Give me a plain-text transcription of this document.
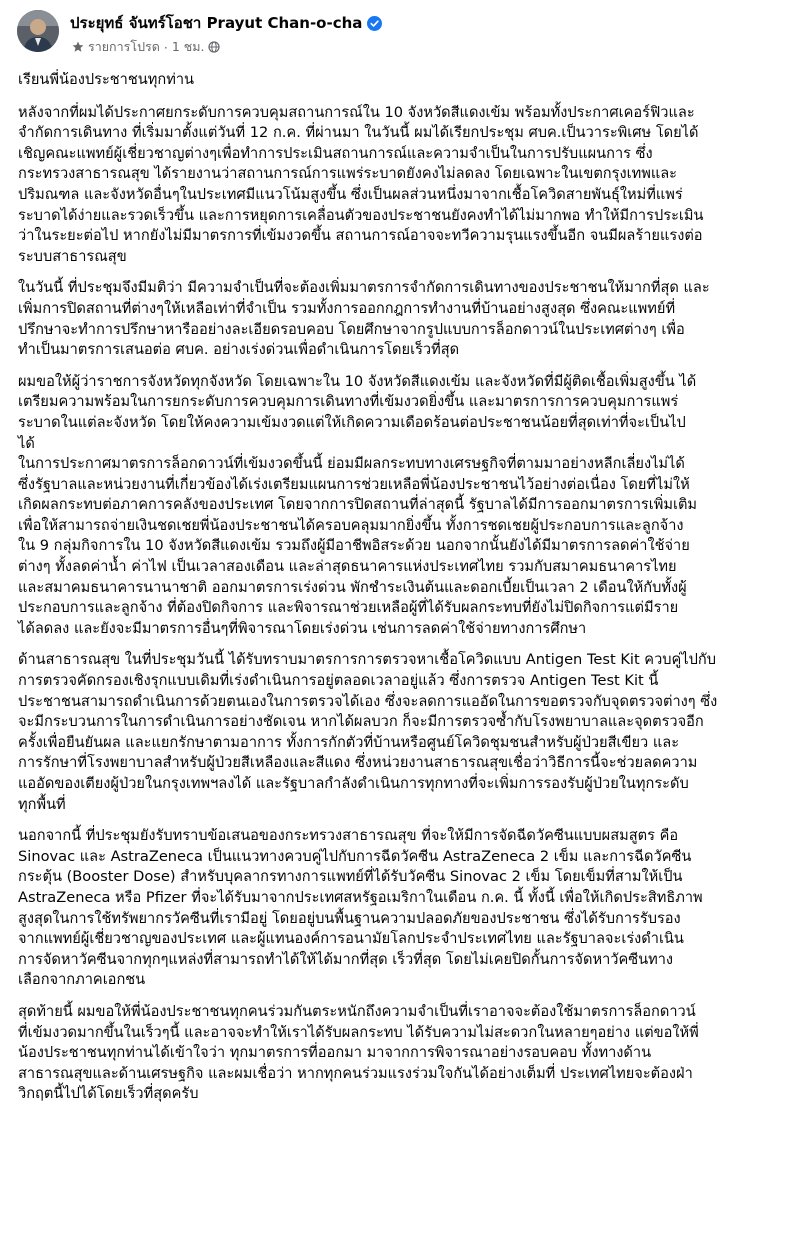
ประยุทธ์ จันทร์โอชา Prayut Chan-o-cha
รายการโปรด · 1 ชม.
เรียนพี่น้องประชาชนทุกท่าน
หลังจากที่ผมได้ประกาศยกระดับการควบคุมสถานการณ์ใน 10 จังหวัดสีแดงเข้ม พร้อมทั้งประกาศเคอร์ฟิวและ
จำกัดการเดินทาง ที่เริ่มมาตั้งแต่วันที่ 12 ก.ค. ที่ผ่านมา ในวันนี้ ผมได้เรียกประชุม ศบค.เป็นวาระพิเศษ โดยได้
เชิญคณะแพทย์ผู้เชี่ยวชาญต่างๆเพื่อทำการประเมินสถานการณ์และความจำเป็นในการปรับแผนการ ซึ่ง
กระทรวงสาธารณสุข ได้รายงานว่าสถานการณ์การแพร่ระบาดยังคงไม่ลดลง โดยเฉพาะในเขตกรุงเทพและ
ปริมณฑล และจังหวัดอื่นๆในประเทศมีแนวโน้มสูงขึ้น ซึ่งเป็นผลส่วนหนึ่งมาจากเชื้อโควิดสายพันธุ์ใหม่ที่แพร่
ระบาดได้ง่ายและรวดเร็วขึ้น และการหยุดการเคลื่อนตัวของประชาชนยังคงทำได้ไม่มากพอ ทำให้มีการประเมิน
ว่าในระยะต่อไป หากยังไม่มีมาตรการที่เข้มงวดขึ้น สถานการณ์อาจจะทวีความรุนแรงขึ้นอีก จนมีผลร้ายแรงต่อ
ระบบสาธารณสุข
ในวันนี้ ที่ประชุมจึงมีมติว่า มีความจำเป็นที่จะต้องเพิ่มมาตรการจำกัดการเดินทางของประชาชนให้มากที่สุด และ
เพิ่มการปิดสถานที่ต่างๆให้เหลือเท่าที่จำเป็น รวมทั้งการออกกฎการทำงานที่บ้านอย่างสูงสุด ซึ่งคณะแพทย์ที่
ปรึกษาจะทำการปรึกษาหารืออย่างละเอียดรอบคอบ โดยศึกษาจากรูปแบบการล็อกดาวน์ในประเทศต่างๆ เพื่อ
ทำเป็นมาตรการเสนอต่อ ศบค. อย่างเร่งด่วนเพื่อดำเนินการโดยเร็วที่สุด
ผมขอให้ผู้ว่าราชการจังหวัดทุกจังหวัด โดยเฉพาะใน 10 จังหวัดสีแดงเข้ม และจังหวัดที่มีผู้ติดเชื้อเพิ่มสูงขึ้น ได้
เตรียมความพร้อมในการยกระดับการควบคุมการเดินทางที่เข้มงวดยิ่งขึ้น และมาตรการการควบคุมการแพร่
ระบาดในแต่ละจังหวัด โดยให้คงความเข้มงวดแต่ให้เกิดความเดือดร้อนต่อประชาชนน้อยที่สุดเท่าที่จะเป็นไป
ได้
ในการประกาศมาตรการล็อกดาวน์ที่เข้มงวดขึ้นนี้ ย่อมมีผลกระทบทางเศรษฐกิจที่ตามมาอย่างหลีกเลี่ยงไม่ได้
ซึ่งรัฐบาลและหน่วยงานที่เกี่ยวข้องได้เร่งเตรียมแผนการช่วยเหลือพี่น้องประชาชนไว้อย่างต่อเนื่อง โดยที่ไม่ให้
เกิดผลกระทบต่อภาคการคลังของประเทศ โดยจากการปิดสถานที่ล่าสุดนี้ รัฐบาลได้มีการออกมาตรการเพิ่มเติม
เพื่อให้สามารถจ่ายเงินชดเชยพี่น้องประชาชนได้ครอบคลุมมากยิ่งขึ้น ทั้งการชดเชยผู้ประกอบการและลูกจ้าง
ใน 9 กลุ่มกิจการใน 10 จังหวัดสีแดงเข้ม รวมถึงผู้มีอาชีพอิสระด้วย นอกจากนั้นยังได้มีมาตรการลดค่าใช้จ่าย
ต่างๆ ทั้งลดค่าน้ำ ค่าไฟ เป็นเวลาสองเดือน และล่าสุดธนาคารแห่งประเทศไทย รวมกับสมาคมธนาคารไทย
และสมาคมธนาคารนานาชาติ ออกมาตรการเร่งด่วน พักชำระเงินต้นและดอกเบี้ยเป็นเวลา 2 เดือนให้กับทั้งผู้
ประกอบการและลูกจ้าง ที่ต้องปิดกิจการ และพิจารณาช่วยเหลือผู้ที่ได้รับผลกระทบที่ยังไม่ปิดกิจการแต่มีราย
ได้ลดลง และยังจะมีมาตรการอื่นๆที่พิจารณาโดยเร่งด่วน เช่นการลดค่าใช้จ่ายทางการศึกษา
ด้านสาธารณสุข ในที่ประชุมวันนี้ ได้รับทราบมาตรการการตรวจหาเชื้อโควิดแบบ Antigen Test Kit ควบคู่ไปกับ
การตรวจคัดกรองเชิงรุกแบบเดิมที่เร่งดำเนินการอยู่ตลอดเวลาอยู่แล้ว ซึ่งการตรวจ Antigen Test Kit นี้
ประชาชนสามารถดำเนินการด้วยตนเองในการตรวจได้เอง ซึ่งจะลดการแออัดในการขอตรวจกับจุดตรวจต่างๆ ซึ่ง
จะมีกระบวนการในการดำเนินการอย่างชัดเจน หากได้ผลบวก ก็จะมีการตรวจซ้ำกับโรงพยาบาลและจุดตรวจอีก
ครั้งเพื่อยืนยันผล และแยกรักษาตามอาการ ทั้งการกักตัวที่บ้านหรือศูนย์โควิดชุมชนสำหรับผู้ป่วยสีเขียว และ
การรักษาที่โรงพยาบาลสำหรับผู้ป่วยสีเหลืองและสีแดง ซึ่งหน่วยงานสาธารณสุขเชื่อว่าวิธีการนี้จะช่วยลดความ
แออัดของเตียงผู้ป่วยในกรุงเทพฯลงได้ และรัฐบาลกำลังดำเนินการทุกทางที่จะเพิ่มการรองรับผู้ป่วยในทุกระดับ
ทุกพื้นที่
นอกจากนี้ ที่ประชุมยังรับทราบข้อเสนอของกระทรวงสาธารณสุข ที่จะให้มีการจัดฉีดวัคซีนแบบผสมสูตร คือ
Sinovac และ AstraZeneca เป็นแนวทางควบคู่ไปกับการฉีดวัคซีน AstraZeneca 2 เข็ม และการฉีดวัคซีน
กระตุ้น (Booster Dose) สำหรับบุคลากรทางการแพทย์ที่ได้รับวัคซีน Sinovac 2 เข็ม โดยเข็มที่สามให้เป็น
AstraZeneca หรือ Pfizer ที่จะได้รับมาจากประเทศสหรัฐอเมริกาในเดือน ก.ค. นี้ ทั้งนี้ เพื่อให้เกิดประสิทธิภาพ
สูงสุดในการใช้ทรัพยากรวัคซีนที่เรามีอยู่ โดยอยู่บนพื้นฐานความปลอดภัยของประชาชน ซึ่งได้รับการรับรอง
จากแพทย์ผู้เชี่ยวชาญของประเทศ และผู้แทนองค์การอนามัยโลกประจำประเทศไทย และรัฐบาลจะเร่งดำเนิน
การจัดหาวัคซีนจากทุกๆแหล่งที่สามารถทำได้ให้ได้มากที่สุด เร็วที่สุด โดยไม่เคยปิดกั้นการจัดหาวัคซีนทาง
เลือกจากภาคเอกชน
สุดท้ายนี้ ผมขอให้พี่น้องประชาชนทุกคนร่วมกันตระหนักถึงความจำเป็นที่เราอาจจะต้องใช้มาตรการล็อกดาวน์
ที่เข้มงวดมากขึ้นในเร็วๆนี้ และอาจจะทำให้เราได้รับผลกระทบ ได้รับความไม่สะดวกในหลายๆอย่าง แต่ขอให้พี่
น้องประชาชนทุกท่านได้เข้าใจว่า ทุกมาตรการที่ออกมา มาจากการพิจารณาอย่างรอบคอบ ทั้งทางด้าน
สาธารณสุขและด้านเศรษฐกิจ และผมเชื่อว่า หากทุกคนร่วมแรงร่วมใจกันได้อย่างเต็มที่ ประเทศไทยจะต้องฝ่า
วิกฤตนี้ไปได้โดยเร็วที่สุดครับ
